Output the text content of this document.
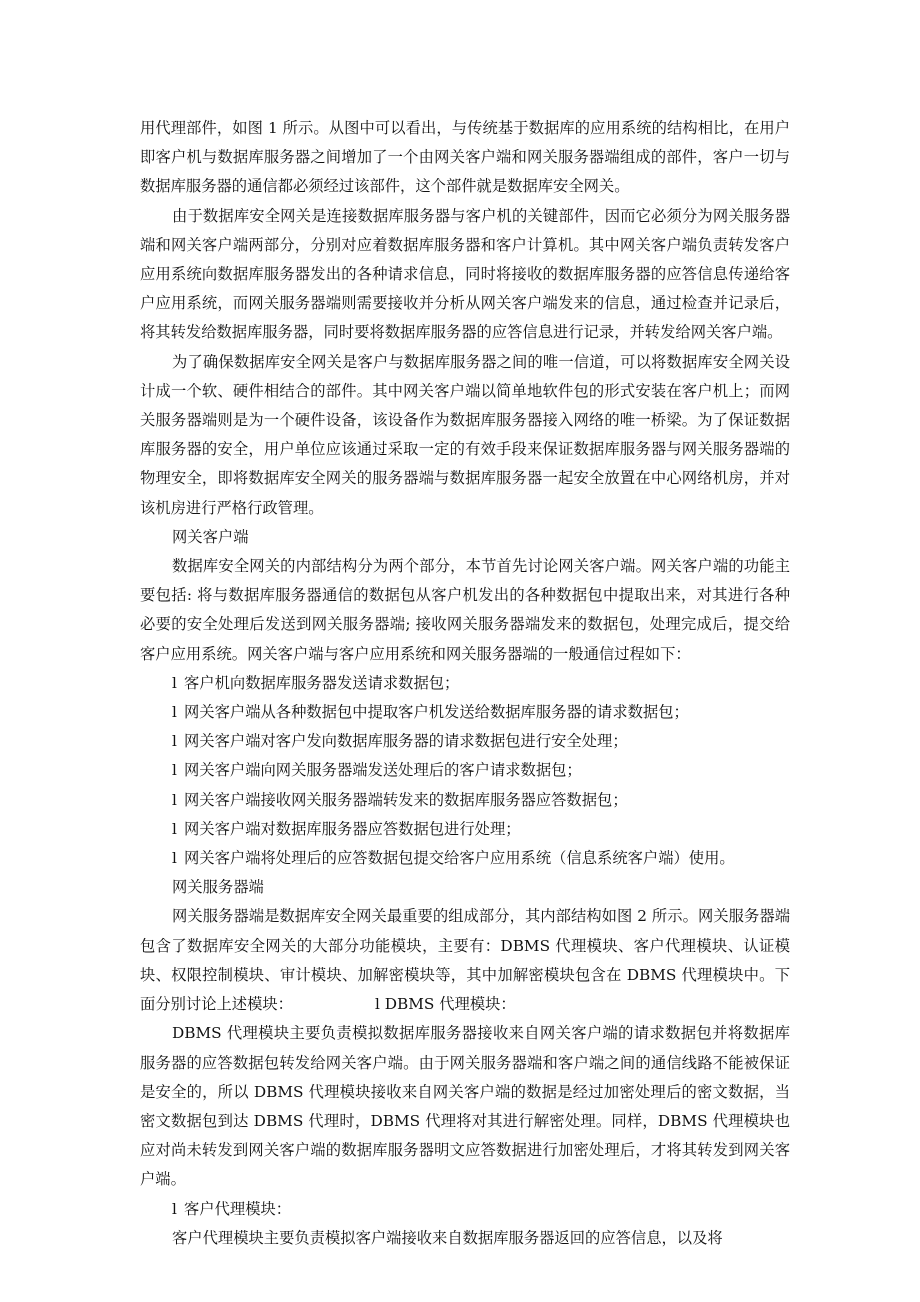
用代理部件，如图 1 所示。从图中可以看出，与传统基于数据库的应用系统的结构相比，在用户即客户机与数据库服务器之间增加了一个由网关客户端和网关服务器端组成的部件，客户一切与数据库服务器的通信都必须经过该部件，这个部件就是数据库安全网关。

由于数据库安全网关是连接数据库服务器与客户机的关键部件，因而它必须分为网关服务器端和网关客户端两部分，分别对应着数据库服务器和客户计算机。其中网关客户端负责转发客户应用系统向数据库服务器发出的各种请求信息，同时将接收的数据库服务器的应答信息传递给客户应用系统，而网关服务器端则需要接收并分析从网关客户端发来的信息，通过检查并记录后，将其转发给数据库服务器，同时要将数据库服务器的应答信息进行记录，并转发给网关客户端。

为了确保数据库安全网关是客户与数据库服务器之间的唯一信道，可以将数据库安全网关设计成一个软、硬件相结合的部件。其中网关客户端以简单地软件包的形式安装在客户机上；而网关服务器端则是为一个硬件设备，该设备作为数据库服务器接入网络的唯一桥梁。为了保证数据库服务器的安全，用户单位应该通过采取一定的有效手段来保证数据库服务器与网关服务器端的物理安全，即将数据库安全网关的服务器端与数据库服务器一起安全放置在中心网络机房，并对该机房进行严格行政管理。

网关客户端

数据库安全网关的内部结构分为两个部分，本节首先讨论网关客户端。网关客户端的功能主要包括: 将与数据库服务器通信的数据包从客户机发出的各种数据包中提取出来，对其进行各种必要的安全处理后发送到网关服务器端; 接收网关服务器端发来的数据包，处理完成后，提交给客户应用系统。网关客户端与客户应用系统和网关服务器端的一般通信过程如下：

l 客户机向数据库服务器发送请求数据包；

l 网关客户端从各种数据包中提取客户机发送给数据库服务器的请求数据包；

l 网关客户端对客户发向数据库服务器的请求数据包进行安全处理；

l 网关客户端向网关服务器端发送处理后的客户请求数据包；

l 网关客户端接收网关服务器端转发来的数据库服务器应答数据包；

l 网关客户端对数据库服务器应答数据包进行处理；

l 网关客户端将处理后的应答数据包提交给客户应用系统（信息系统客户端）使用。

网关服务器端

网关服务器端是数据库安全网关最重要的组成部分，其内部结构如图 2 所示。网关服务器端包含了数据库安全网关的大部分功能模块，主要有：DBMS 代理模块、客户代理模块、认证模块、权限控制模块、审计模块、加解密模块等，其中加解密模块包含在 DBMS 代理模块中。下面分别讨论上述模块：	l DBMS 代理模块：

DBMS 代理模块主要负责模拟数据库服务器接收来自网关客户端的请求数据包并将数据库服务器的应答数据包转发给网关客户端。由于网关服务器端和客户端之间的通信线路不能被保证是安全的，所以 DBMS 代理模块接收来自网关客户端的数据是经过加密处理后的密文数据，当密文数据包到达 DBMS 代理时，DBMS 代理将对其进行解密处理。同样，DBMS 代理模块也应对尚未转发到网关客户端的数据库服务器明文应答数据进行加密处理后，才将其转发到网关客户端。

l 客户代理模块：

客户代理模块主要负责模拟客户端接收来自数据库服务器返回的应答信息，以及将
